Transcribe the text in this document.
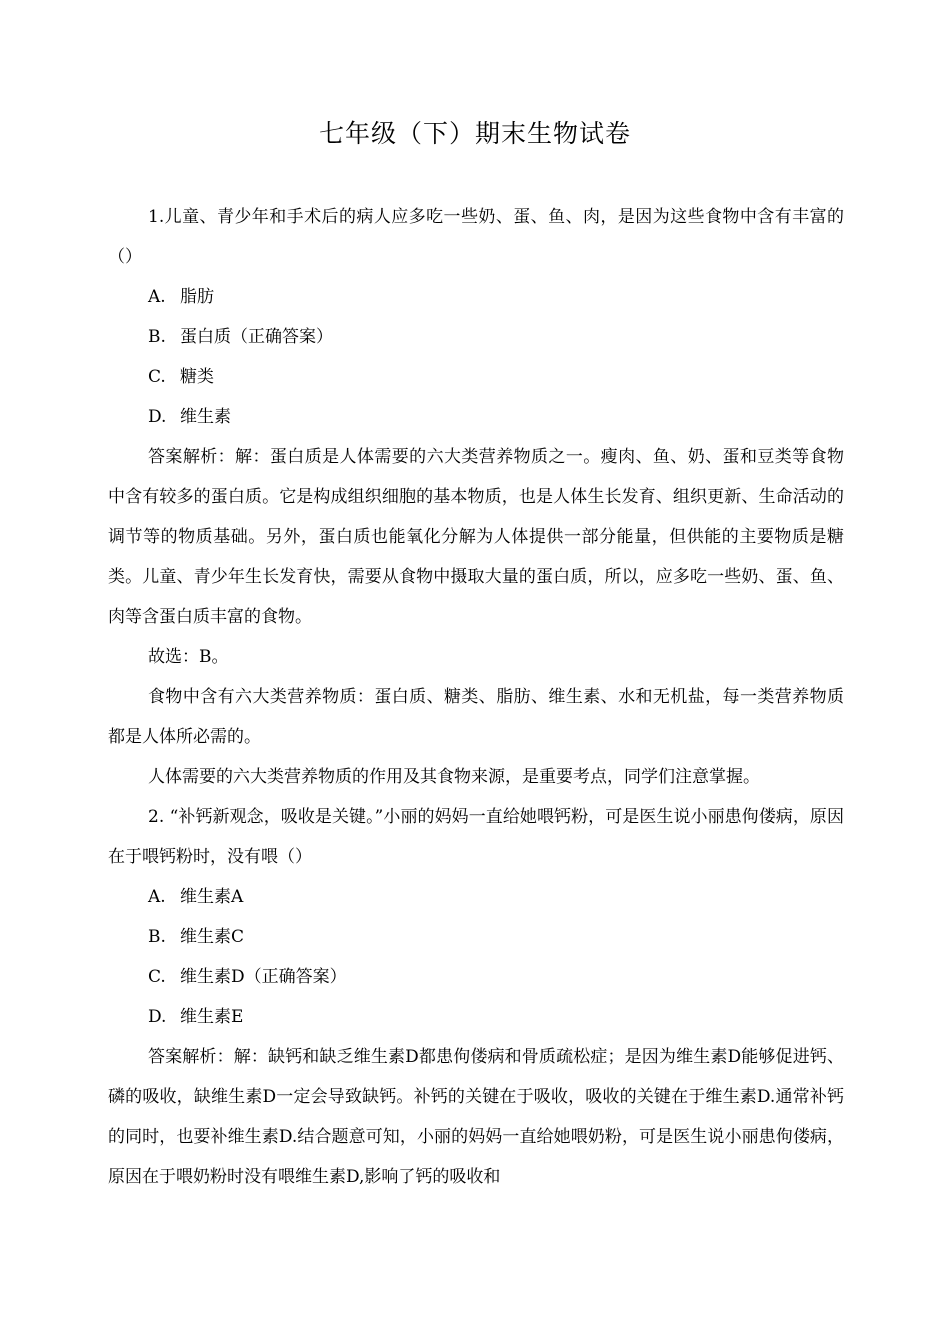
七年级（下）期末生物试卷

1.儿童、青少年和手术后的病人应多吃一些奶、蛋、鱼、肉，是因为这些食物中含有丰富的（）

A. 脂肪

B. 蛋白质（正确答案）

C. 糖类

D. 维生素

答案解析：解：蛋白质是人体需要的六大类营养物质之一。瘦肉、鱼、奶、蛋和豆类等食物中含有较多的蛋白质。它是构成组织细胞的基本物质，也是人体生长发育、组织更新、生命活动的调节等的物质基础。另外，蛋白质也能氧化分解为人体提供一部分能量，但供能的主要物质是糖类。儿童、青少年生长发育快，需要从食物中摄取大量的蛋白质，所以，应多吃一些奶、蛋、鱼、肉等含蛋白质丰富的食物。

故选：B。

食物中含有六大类营养物质：蛋白质、糖类、脂肪、维生素、水和无机盐，每一类营养物质都是人体所必需的。

人体需要的六大类营养物质的作用及其食物来源，是重要考点，同学们注意掌握。

2. “补钙新观念，吸收是关键。”小丽的妈妈一直给她喂钙粉，可是医生说小丽患佝偻病，原因在于喂钙粉时，没有喂（）

A. 维生素A

B. 维生素C

C. 维生素D（正确答案）

D. 维生素E

答案解析：解：缺钙和缺乏维生素D都患佝偻病和骨质疏松症；是因为维生素D能够促进钙、磷的吸收，缺维生素D一定会导致缺钙。补钙的关键在于吸收，吸收的关键在于维生素D.通常补钙的同时，也要补维生素D.结合题意可知，小丽的妈妈一直给她喂奶粉，可是医生说小丽患佝偻病，原因在于喂奶粉时没有喂维生素D,影响了钙的吸收和
